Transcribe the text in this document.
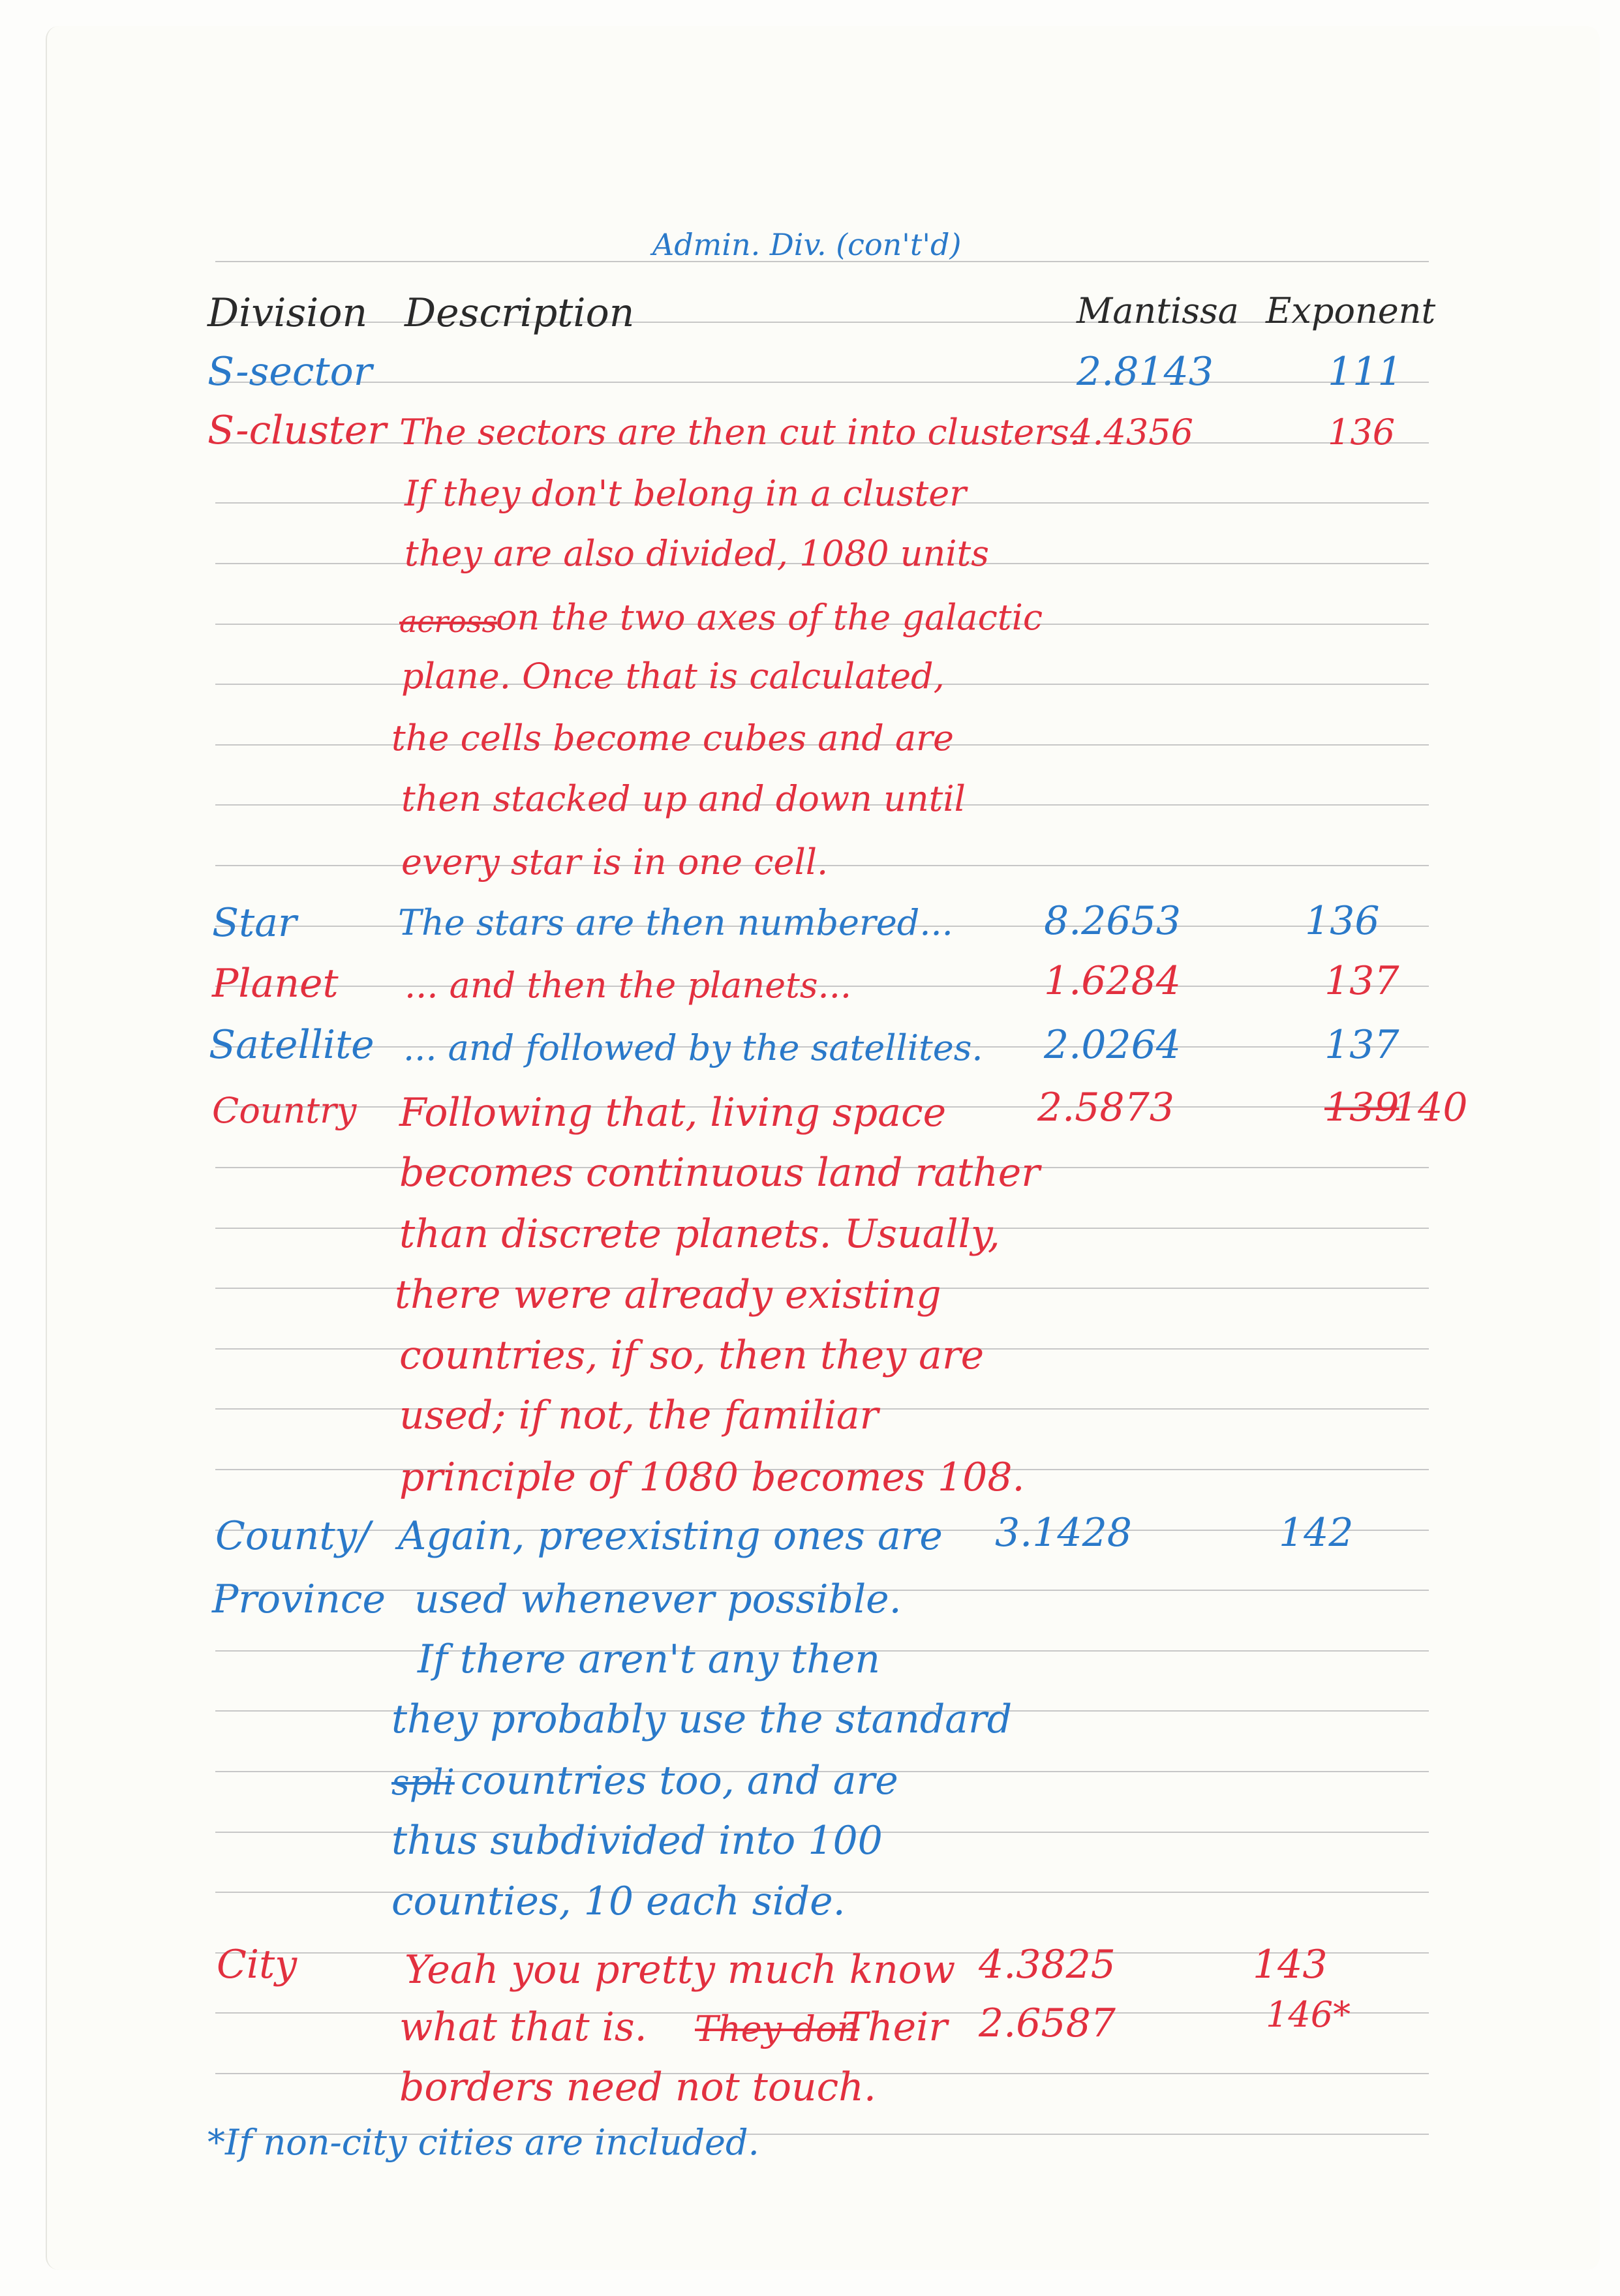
Admin. Div. (con't'd)
Division Description	Mantissa Exponent
S-sector	2.8143	111
S-cluster The sectors are then cut into clusters.
4.4356	136
If they don't belong in a cluster
they are also divided, 1080 units
across
on the two axes of the galactic
plane. Once that is calculated,
the cells become cubes and are
then stacked up and down until
every star is in one cell.
Star	The stars are then numbered... 8.2653	136
Planet ... and then the planets...	1.6284	137
Satellite ... and followed by the satellites. 2.0264	137
Country Following that, living space 2.5873	139
140
becomes continuous land rather
than discrete planets. Usually,
there were already existing
countries, if so, then they are
used; if not, the familiar
principle of 1080 becomes 108.
County/
Province
Again, preexisting ones are 3.1428	142
used whenever possible.
If there aren't any then
they probably use the standard
spli countries too, and are
thus subdivided into 100
counties, 10 each side.
City	Yeah you pretty much know 4.3825	143
what that is. They don
Their 2.6587	146*
borders need not touch.
*If non-city cities are included.
